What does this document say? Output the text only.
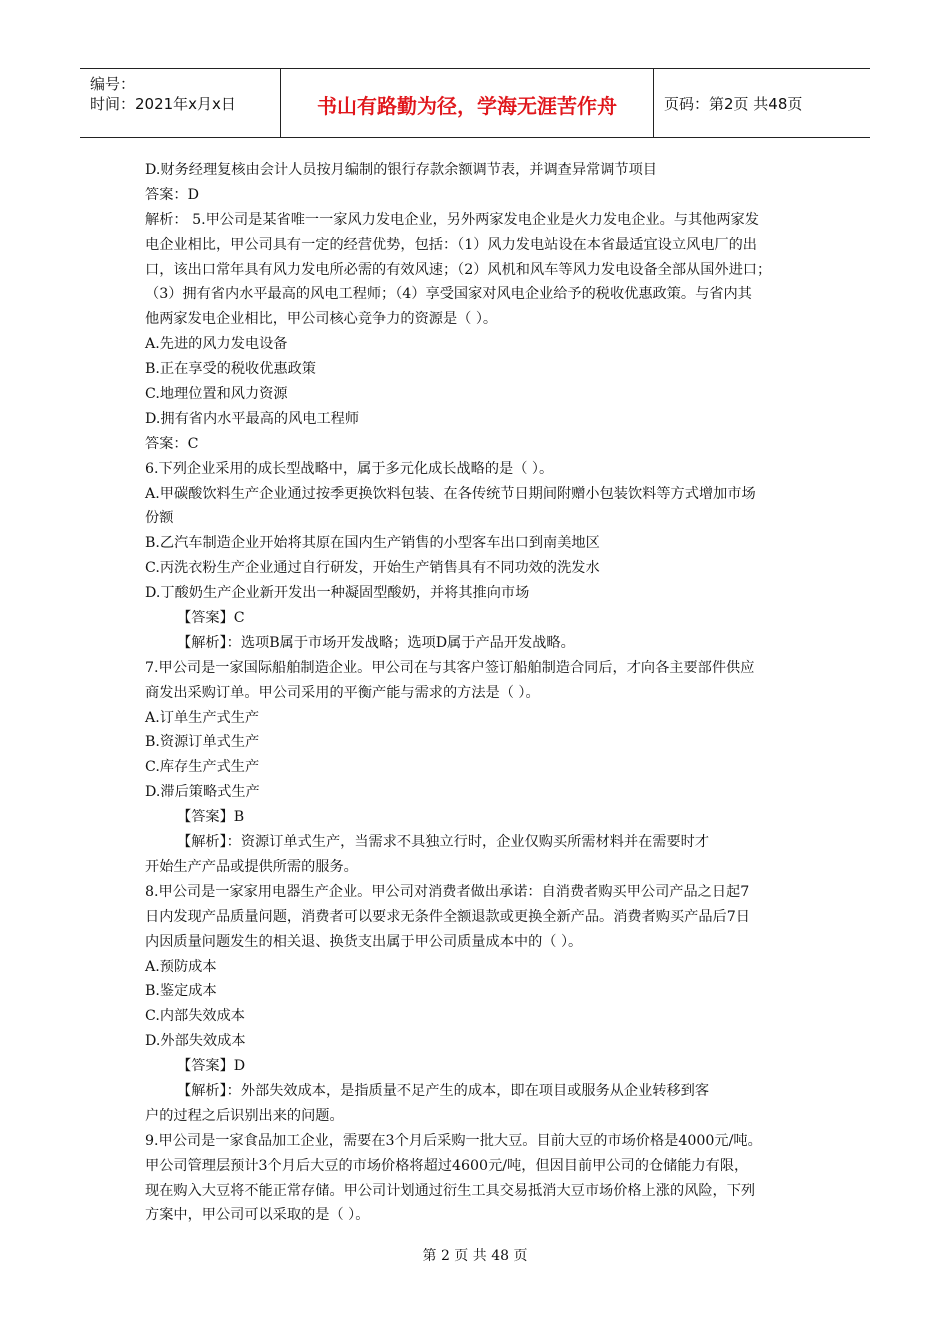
编号：
时间：2021年x月x日	书山有路勤为径，学海无涯苦作舟	页码：第2页 共48页
D.财务经理复核由会计人员按月编制的银行存款余额调节表，并调查异常调节项目
答案：D
解析： 5.甲公司是某省唯一一家风力发电企业，另外两家发电企业是火力发电企业。与其他两家发
电企业相比，甲公司具有一定的经营优势，包括：（1）风力发电站设在本省最适宜设立风电厂的出
口，该出口常年具有风力发电所必需的有效风速；（2）风机和风车等风力发电设备全部从国外进口；
（3）拥有省内水平最高的风电工程师；（4）享受国家对风电企业给予的税收优惠政策。与省内其
他两家发电企业相比，甲公司核心竞争力的资源是（ ）。
A.先进的风力发电设备
B.正在享受的税收优惠政策
C.地理位置和风力资源
D.拥有省内水平最高的风电工程师
答案：C
6.下列企业采用的成长型战略中，属于多元化成长战略的是（ ）。
A.甲碳酸饮料生产企业通过按季更换饮料包装、在各传统节日期间附赠小包装饮料等方式增加市场
份额
B.乙汽车制造企业开始将其原在国内生产销售的小型客车出口到南美地区
C.丙洗衣粉生产企业通过自行研发，开始生产销售具有不同功效的洗发水
D.丁酸奶生产企业新开发出一种凝固型酸奶，并将其推向市场
【答案】C
【解析】：选项B属于市场开发战略；选项D属于产品开发战略。
7.甲公司是一家国际船舶制造企业。甲公司在与其客户签订船舶制造合同后，才向各主要部件供应
商发出采购订单。甲公司采用的平衡产能与需求的方法是（ ）。
A.订单生产式生产
B.资源订单式生产
C.库存生产式生产
D.滞后策略式生产
【答案】B
【解析】：资源订单式生产，当需求不具独立行时，企业仅购买所需材料并在需要时才
开始生产产品或提供所需的服务。
8.甲公司是一家家用电器生产企业。甲公司对消费者做出承诺：自消费者购买甲公司产品之日起7
日内发现产品质量问题，消费者可以要求无条件全额退款或更换全新产品。消费者购买产品后7日
内因质量问题发生的相关退、换货支出属于甲公司质量成本中的（ ）。
A.预防成本
B.鉴定成本
C.内部失效成本
D.外部失效成本
【答案】D
【解析】：外部失效成本，是指质量不足产生的成本，即在项目或服务从企业转移到客
户的过程之后识别出来的问题。
9.甲公司是一家食品加工企业，需要在3个月后采购一批大豆。目前大豆的市场价格是4000元/吨。
甲公司管理层预计3个月后大豆的市场价格将超过4600元/吨，但因目前甲公司的仓储能力有限，
现在购入大豆将不能正常存储。甲公司计划通过衍生工具交易抵消大豆市场价格上涨的风险，下列
方案中，甲公司可以采取的是（ ）。
第 2 页 共 48 页
